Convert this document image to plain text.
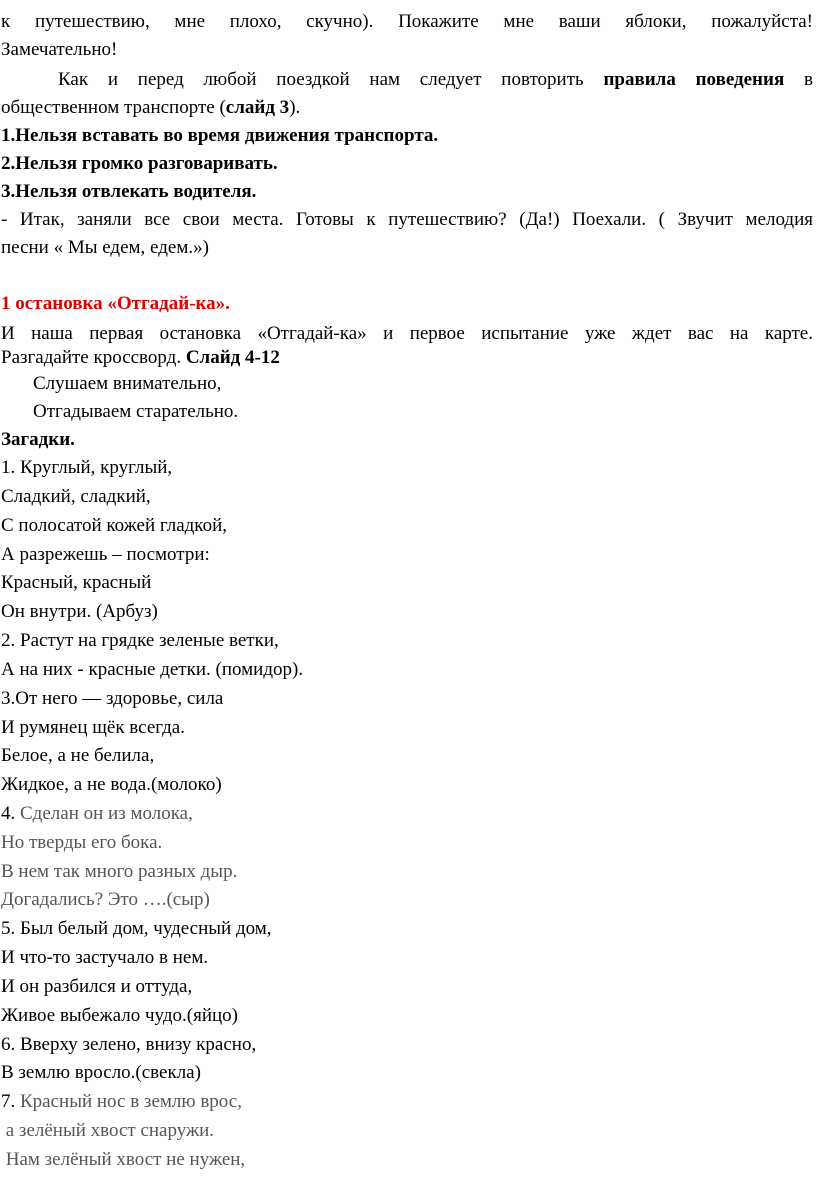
к путешествию, мне плохо, скучно). Покажите мне ваши яблоки, пожалуйста!
Замечательно!
Как и перед любой поездкой нам следует повторить правила поведения в
общественном транспорте (слайд 3).
1.Нельзя вставать во время движения транспорта.
2.Нельзя громко разговаривать.
3.Нельзя отвлекать водителя.
- Итак, заняли все свои места. Готовы к путешествию? (Да!) Поехали. ( Звучит мелодия
песни « Мы едем, едем.»)
1 остановка «Отгадай-ка».
И наша первая остановка «Отгадай-ка» и первое испытание уже ждет вас на карте.
Разгадайте кроссворд. Слайд 4-12
Слушаем внимательно,
Отгадываем старательно.
Загадки.
1. Круглый, круглый,
Сладкий, сладкий,
С полосатой кожей гладкой,
А разрежешь – посмотри:
Красный, красный
Он внутри. (Арбуз)
2. Растут на грядке зеленые ветки,
А на них - красные детки. (помидор).
3.От него — здоровье, сила
И румянец щёк всегда.
Белое, а не белила,
Жидкое, а не вода.(молоко)
4. Сделан он из молока,
Но тверды его бока.
В нем так много разных дыр.
Догадались? Это ….(сыр)
5. Был белый дом, чудесный дом,
И что-то застучало в нем.
И он разбился и оттуда,
Живое выбежало чудо.(яйцо)
6. Вверху зелено, внизу красно,
В землю вросло.(свекла)
7. Красный нос в землю врос,
а зелёный хвост снаружи.
Нам зелёный хвост не нужен,
